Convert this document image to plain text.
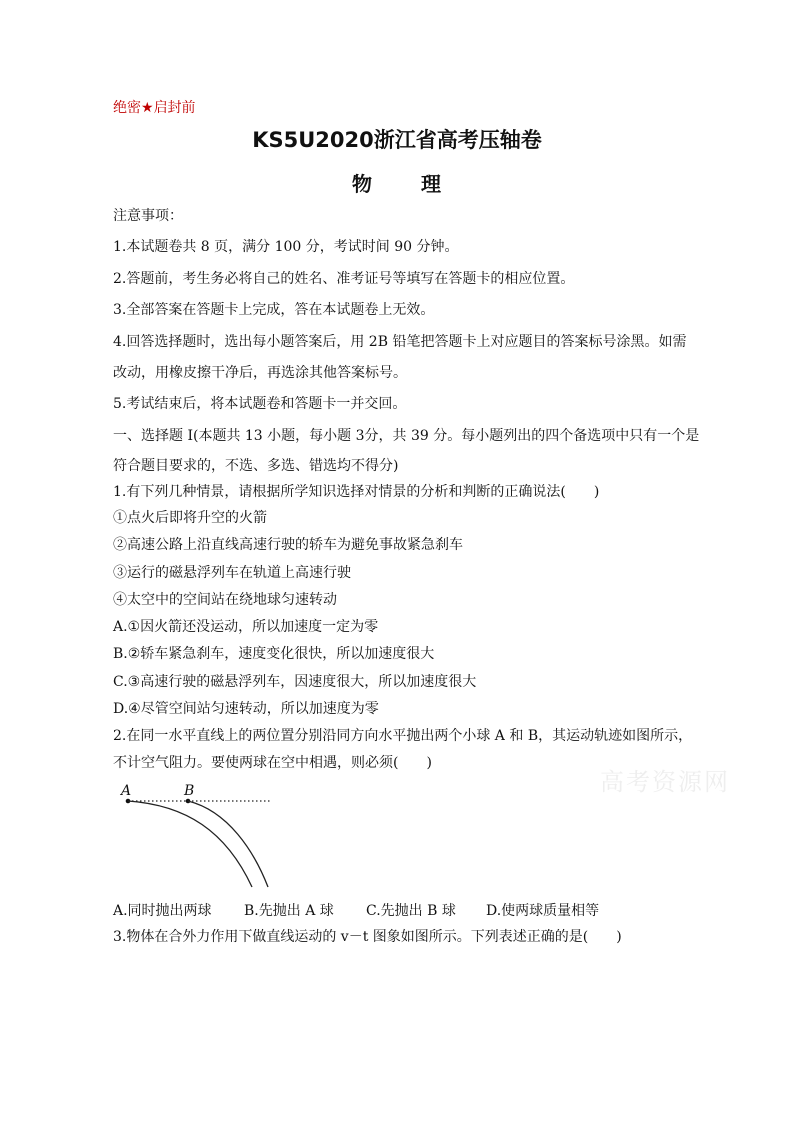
绝密★启封前
KS5U2020浙江省高考压轴卷
物 理
注意事项：
1.本试题卷共 8 页，满分 100 分，考试时间 90 分钟。
2.答题前，考生务必将自己的姓名、准考证号等填写在答题卡的相应位置。
3.全部答案在答题卡上完成，答在本试题卷上无效。
4.回答选择题时，选出每小题答案后，用 2B 铅笔把答题卡上对应题目的答案标号涂黑。如需
改动，用橡皮擦干净后，再选涂其他答案标号。
5.考试结束后，将本试题卷和答题卡一并交回。
一、选择题 I(本题共 13 小题，每小题 3分，共 39 分。每小题列出的四个备选项中只有一个是
符合题目要求的，不选、多选、错选均不得分)
1.有下列几种情景，请根据所学知识选择对情景的分析和判断的正确说法(　　)
①点火后即将升空的火箭
②高速公路上沿直线高速行驶的轿车为避免事故紧急刹车
③运行的磁悬浮列车在轨道上高速行驶
④太空中的空间站在绕地球匀速转动
A.①因火箭还没运动，所以加速度一定为零
B.②轿车紧急刹车，速度变化很快，所以加速度很大
C.③高速行驶的磁悬浮列车，因速度很大，所以加速度很大
D.④尽管空间站匀速转动，所以加速度为零
2.在同一水平直线上的两位置分别沿同方向水平抛出两个小球 A 和 B，其运动轨迹如图所示，
不计空气阻力。要使两球在空中相遇，则必须(　　)
高考资源网
A	B
A.同时抛出两球 B.先抛出 A 球 C.先抛出 B 球 D.使两球质量相等
3.物体在合外力作用下做直线运动的 v－t 图象如图所示。下列表述正确的是(　　)
